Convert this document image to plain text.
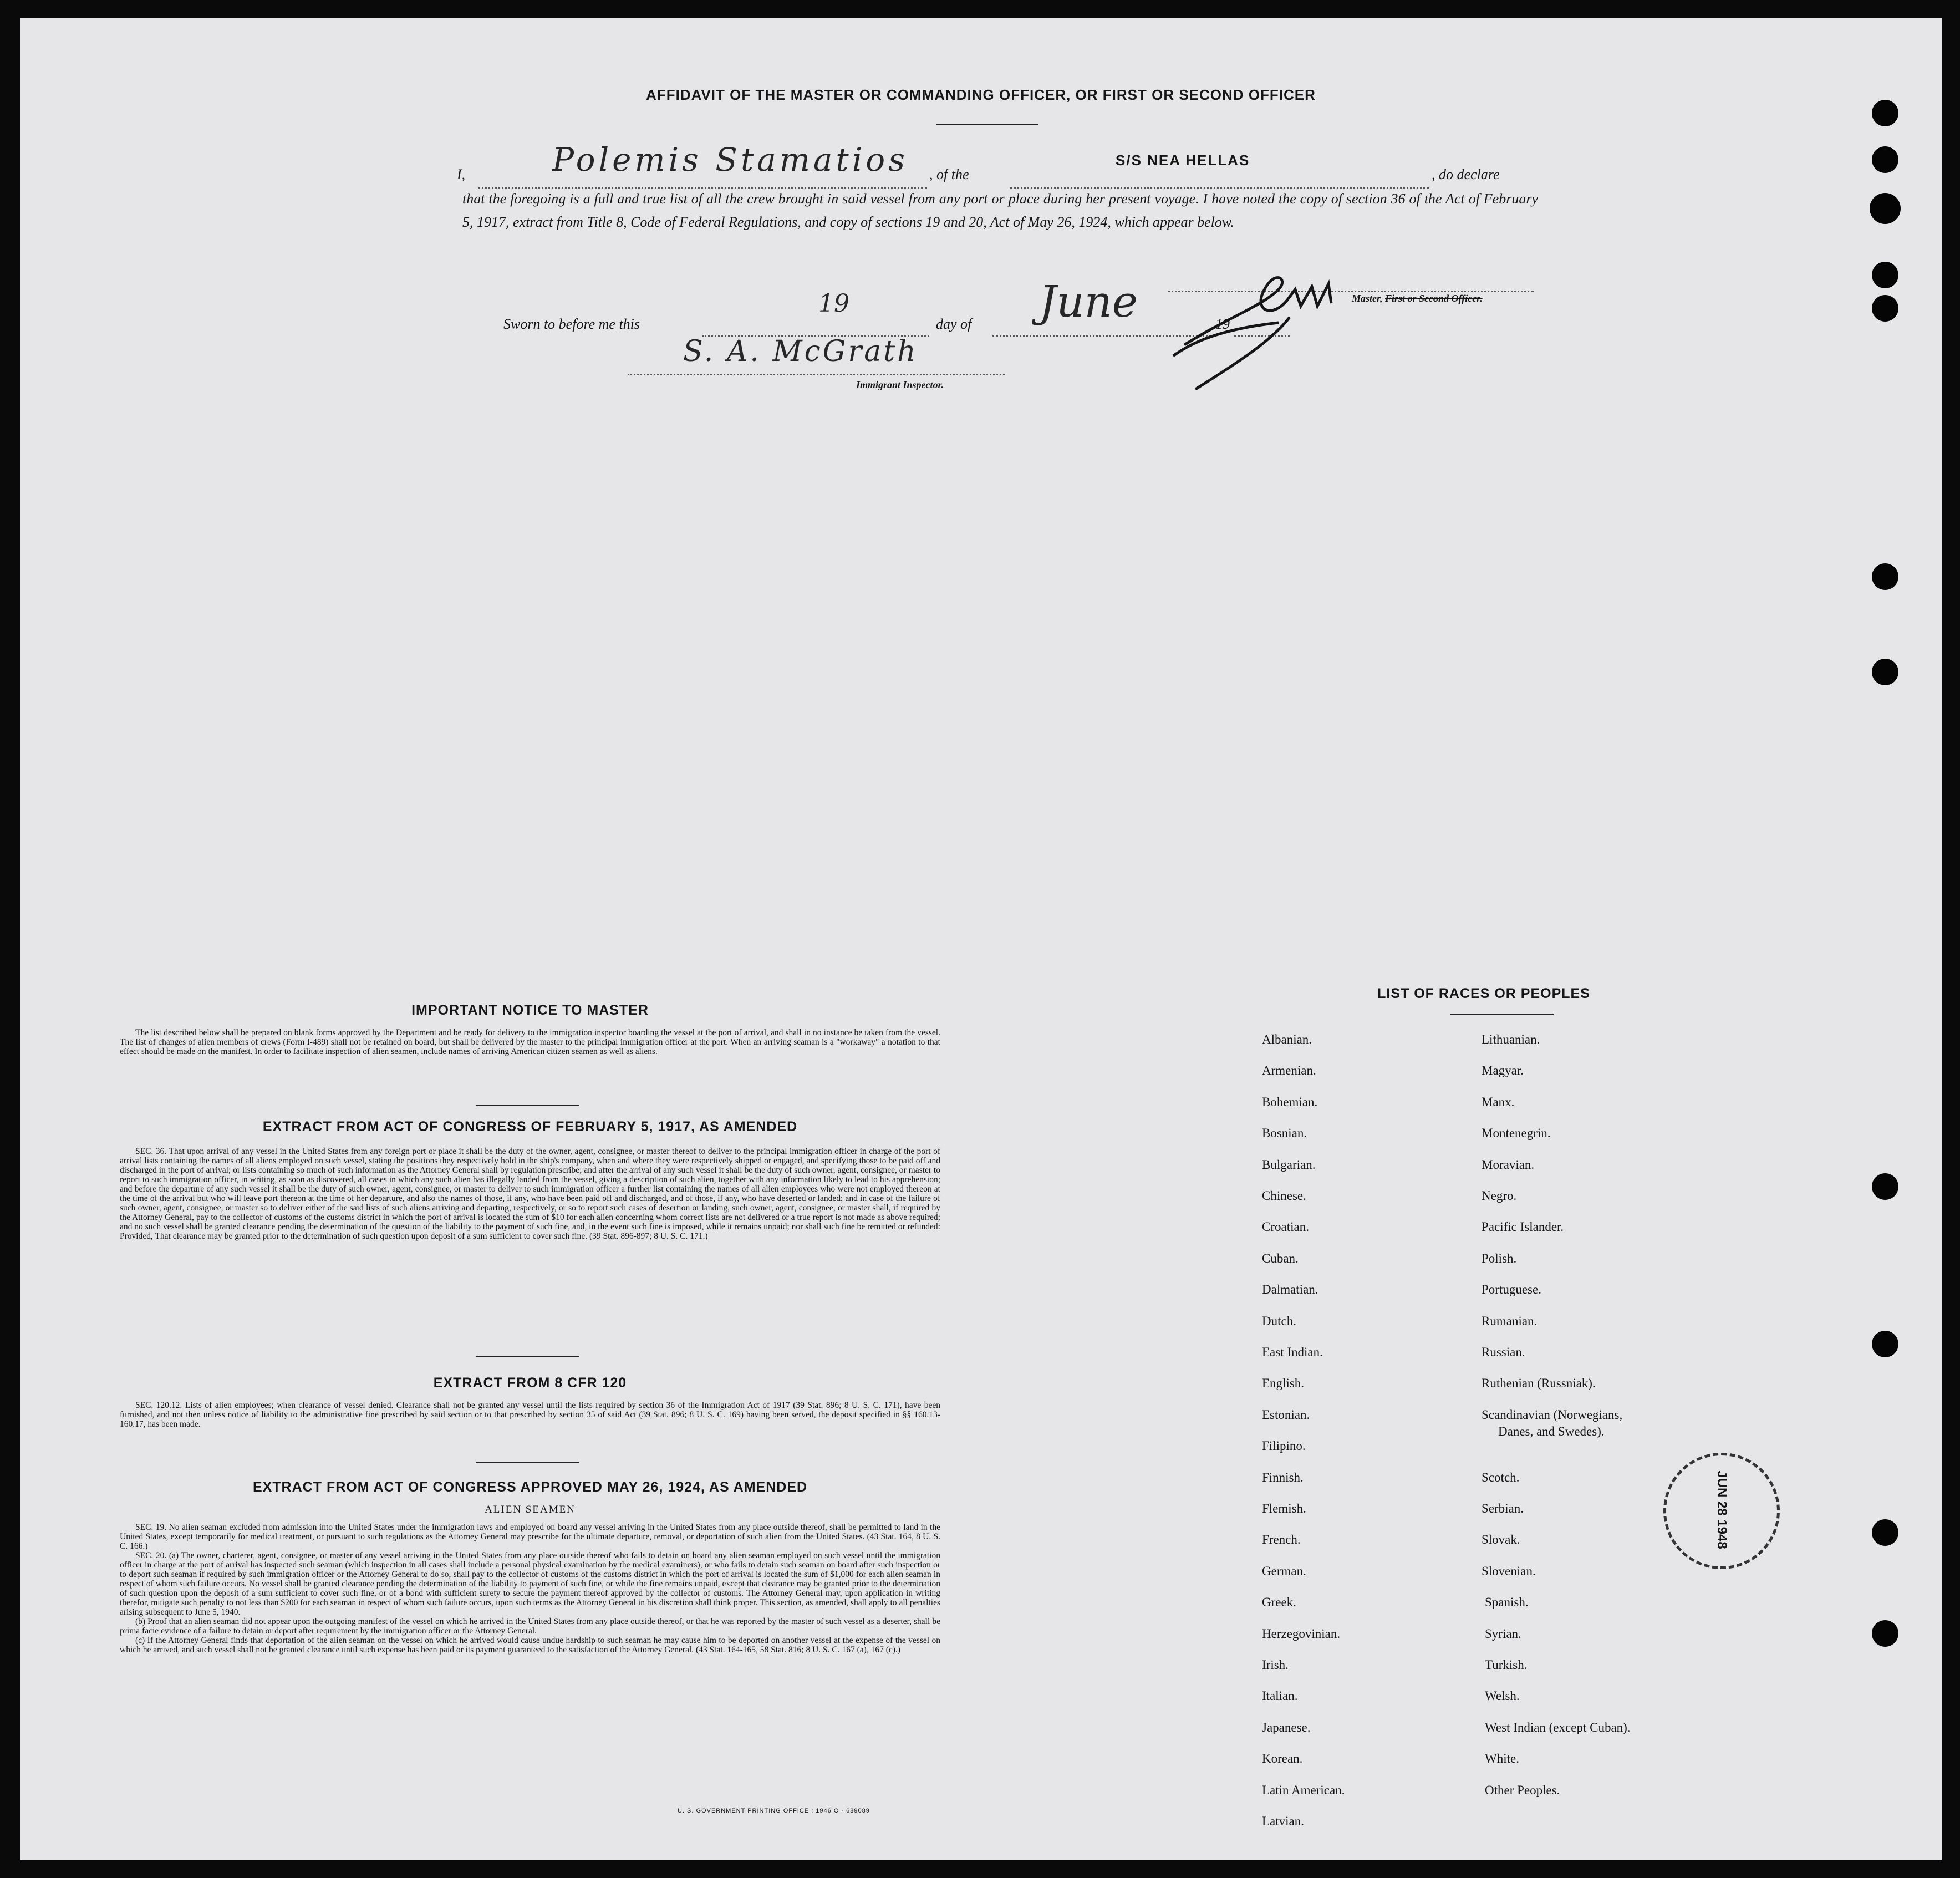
AFFIDAVIT OF THE MASTER OR COMMANDING OFFICER, OR FIRST OR SECOND OFFICER
I,	Polemis Stamatios , of the
S/S NEA HELLAS
, do declare
that the foregoing is a full and true list of all the crew brought in said vessel from any port or place during her present voyage. I have noted the copy of section 36 of the Act of February 5, 1917, extract from Title 8, Code of Federal Regulations, and copy of sections 19 and 20, Act of May 26, 1924, which appear below.
Sworn to before me this
19
day of June	19
Master, First or Second Officer.
S. A. McGrath
Immigrant Inspector.
IMPORTANT NOTICE TO MASTER

The list described below shall be prepared on blank forms approved by the Department and be ready for delivery to the immigration inspector boarding the vessel at the port of arrival, and shall in no instance be taken from the vessel. The list of changes of alien members of crews (Form I-489) shall not be retained on board, but shall be delivered by the master to the principal immigration officer at the port. When an arriving seaman is a "workaway" a notation to that effect should be made on the manifest. In order to facilitate inspection of alien seamen, include names of arriving American citizen seamen as well as aliens.

EXTRACT FROM ACT OF CONGRESS OF FEBRUARY 5, 1917, AS AMENDED

SEC. 36. That upon arrival of any vessel in the United States from any foreign port or place it shall be the duty of the owner, agent, consignee, or master thereof to deliver to the principal immigration officer in charge of the port of arrival lists containing the names of all aliens employed on such vessel, stating the positions they respectively hold in the ship's company, when and where they were respectively shipped or engaged, and specifying those to be paid off and discharged in the port of arrival; or lists containing so much of such information as the Attorney General shall by regulation prescribe; and after the arrival of any such vessel it shall be the duty of such owner, agent, consignee, or master to report to such immigration officer, in writing, as soon as discovered, all cases in which any such alien has illegally landed from the vessel, giving a description of such alien, together with any information likely to lead to his apprehension; and before the departure of any such vessel it shall be the duty of such owner, agent, consignee, or master to deliver to such immigration officer a further list containing the names of all alien employees who were not employed thereon at the time of the arrival but who will leave port thereon at the time of her departure, and also the names of those, if any, who have been paid off and discharged, and of those, if any, who have deserted or landed; and in case of the failure of such owner, agent, consignee, or master so to deliver either of the said lists of such aliens arriving and departing, respectively, or so to report such cases of desertion or landing, such owner, agent, consignee, or master shall, if required by the Attorney General, pay to the collector of customs of the customs district in which the port of arrival is located the sum of $10 for each alien concerning whom correct lists are not delivered or a true report is not made as above required; and no such vessel shall be granted clearance pending the determination of the question of the liability to the payment of such fine, and, in the event such fine is imposed, while it remains unpaid; nor shall such fine be remitted or refunded: Provided, That clearance may be granted prior to the determination of such question upon deposit of a sum sufficient to cover such fine. (39 Stat. 896-897; 8 U. S. C. 171.)

EXTRACT FROM 8 CFR 120

SEC. 120.12. Lists of alien employees; when clearance of vessel denied. Clearance shall not be granted any vessel until the lists required by section 36 of the Immigration Act of 1917 (39 Stat. 896; 8 U. S. C. 171), have been furnished, and not then unless notice of liability to the administrative fine prescribed by said section or to that prescribed by section 35 of said Act (39 Stat. 896; 8 U. S. C. 169) having been served, the deposit specified in §§ 160.13-160.17, has been made.

EXTRACT FROM ACT OF CONGRESS APPROVED MAY 26, 1924, AS AMENDED
ALIEN SEAMEN

SEC. 19. No alien seaman excluded from admission into the United States under the immigration laws and employed on board any vessel arriving in the United States from any place outside thereof, shall be permitted to land in the United States, except temporarily for medical treatment, or pursuant to such regulations as the Attorney General may prescribe for the ultimate departure, removal, or deportation of such alien from the United States. (43 Stat. 164, 8 U. S. C. 166.)

SEC. 20. (a) The owner, charterer, agent, consignee, or master of any vessel arriving in the United States from any place outside thereof who fails to detain on board any alien seaman employed on such vessel until the immigration officer in charge at the port of arrival has inspected such seaman (which inspection in all cases shall include a personal physical examination by the medical examiners), or who fails to detain such seaman on board after such inspection or to deport such seaman if required by such immigration officer or the Attorney General to do so, shall pay to the collector of customs of the customs district in which the port of arrival is located the sum of $1,000 for each alien seaman in respect of whom such failure occurs. No vessel shall be granted clearance pending the determination of the liability to payment of such fine, or while the fine remains unpaid, except that clearance may be granted prior to the determination of such question upon the deposit of a sum sufficient to cover such fine, or of a bond with sufficient surety to secure the payment thereof approved by the collector of customs. The Attorney General may, upon application in writing therefor, mitigate such penalty to not less than $200 for each seaman in respect of whom such failure occurs, upon such terms as the Attorney General in his discretion shall think proper. This section, as amended, shall apply to all penalties arising subsequent to June 5, 1940.

(b) Proof that an alien seaman did not appear upon the outgoing manifest of the vessel on which he arrived in the United States from any place outside thereof, or that he was reported by the master of such vessel as a deserter, shall be prima facie evidence of a failure to detain or deport after requirement by the immigration officer or the Attorney General.

(c) If the Attorney General finds that deportation of the alien seaman on the vessel on which he arrived would cause undue hardship to such seaman he may cause him to be deported on another vessel at the expense of the vessel on which he arrived, and such vessel shall not be granted clearance until such expense has been paid or its payment guaranteed to the satisfaction of the Attorney General. (43 Stat. 164-165, 58 Stat. 816; 8 U. S. C. 167 (a), 167 (c).)

U. S. GOVERNMENT PRINTING OFFICE : 1946 O - 689089
LIST OF RACES OR PEOPLES
Albanian.
Armenian.
Bohemian.
Bosnian.
Bulgarian.
Chinese.
Croatian.
Cuban.
Dalmatian.
Dutch.
East Indian.
English.
Estonian.
Filipino.
Finnish.
Flemish.
French.
German.
Greek.
Herzegovinian.
Irish.
Italian.
Japanese.
Korean.
Latin American.
Latvian.
Lithuanian.
Magyar.
Manx.
Montenegrin.
Moravian.
Negro.
Pacific Islander.
Polish.
Portuguese.
Rumanian.
Russian.
Ruthenian (Russniak).
Scandinavian (Norwegians,
Danes, and Swedes).
Scotch.
Serbian.
Slovak.
Slovenian.
Spanish.
Syrian.
Turkish.
Welsh.
West Indian (except Cuban).
White.
Other Peoples.
JUN 28 1948
